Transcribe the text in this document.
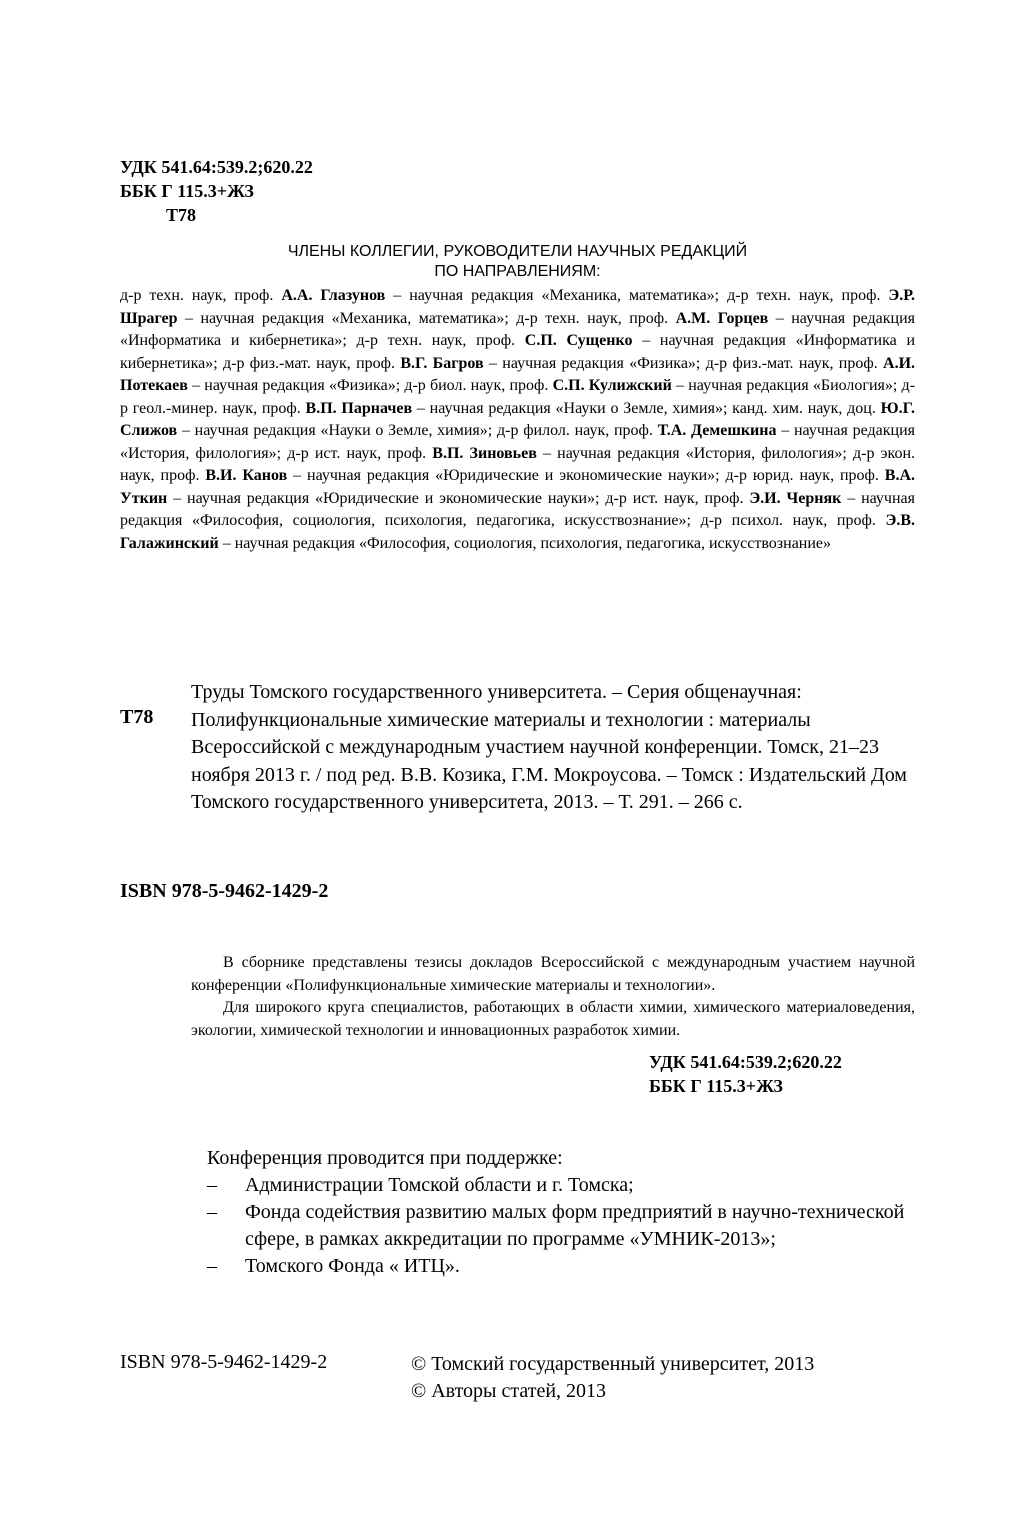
УДК 541.64:539.2;620.22
ББК Г 115.3+ЖЗ
Т78
ЧЛЕНЫ КОЛЛЕГИИ, РУКОВОДИТЕЛИ НАУЧНЫХ РЕДАКЦИЙ
ПО НАПРАВЛЕНИЯМ:
д-р техн. наук, проф. А.А. Глазунов – научная редакция «Механика, математика»; д-р техн. наук, проф. Э.Р. Шрагер – научная редакция «Механика, математика»; д-р техн. наук, проф. А.М. Горцев – научная редакция «Информатика и кибернетика»; д-р техн. наук, проф. С.П. Сущенко – научная редакция «Информатика и кибернетика»; д-р физ.-мат. наук, проф. В.Г. Багров – научная редакция «Физика»; д-р физ.-мат. наук, проф. А.И. Потекаев – научная редакция «Физика»; д-р биол. наук, проф. С.П. Кулижский – научная редакция «Биология»; д-р геол.-минер. наук, проф. В.П. Парначев – научная редакция «Науки о Земле, химия»; канд. хим. наук, доц. Ю.Г. Слижов – научная редакция «Науки о Земле, химия»; д-р филол. наук, проф. Т.А. Демешкина – научная редакция «История, филология»; д-р ист. наук, проф. В.П. Зиновьев – научная редакция «История, филология»; д-р экон. наук, проф. В.И. Канов – научная редакция «Юридические и экономические науки»; д-р юрид. наук, проф. В.А. Уткин – научная редакция «Юридические и экономические науки»; д-р ист. наук, проф. Э.И. Черняк – научная редакция «Философия, социология, психология, педагогика, искусствознание»; д-р психол. наук, проф. Э.В. Галажинский – научная редакция «Философия, социология, психология, педагогика, искусствознание»
Т78
Труды Томского государственного университета. – Серия общенаучная: Полифункциональные химические материалы и технологии : материалы Всероссийской с международным участием научной конференции. Томск, 21–23 ноября 2013 г. / под ред. В.В. Козика, Г.М. Мокроусова. – Томск : Издательский Дом Томского государственного университета, 2013. – Т. 291. – 266 с.
ISBN 978-5-9462-1429-2

В сборнике представлены тезисы докладов Всероссийской с международным участием научной конференции «Полифункциональные химические материалы и технологии».

Для широкого круга специалистов, работающих в области химии, химического материаловедения, экологии, химической технологии и инновационных разработок химии.

УДК 541.64:539.2;620.22
ББК Г 115.3+ЖЗ
Конференция проводится при поддержке:
– Администрации Томской области и г. Томска;
– Фонда содействия развитию малых форм предприятий в научно-технической сфере, в рамках аккредитации по программе «УМНИК-2013»;
– Томского Фонда « ИТЦ».
ISBN 978-5-9462-1429-2	© Томский государственный университет, 2013
© Авторы статей, 2013
